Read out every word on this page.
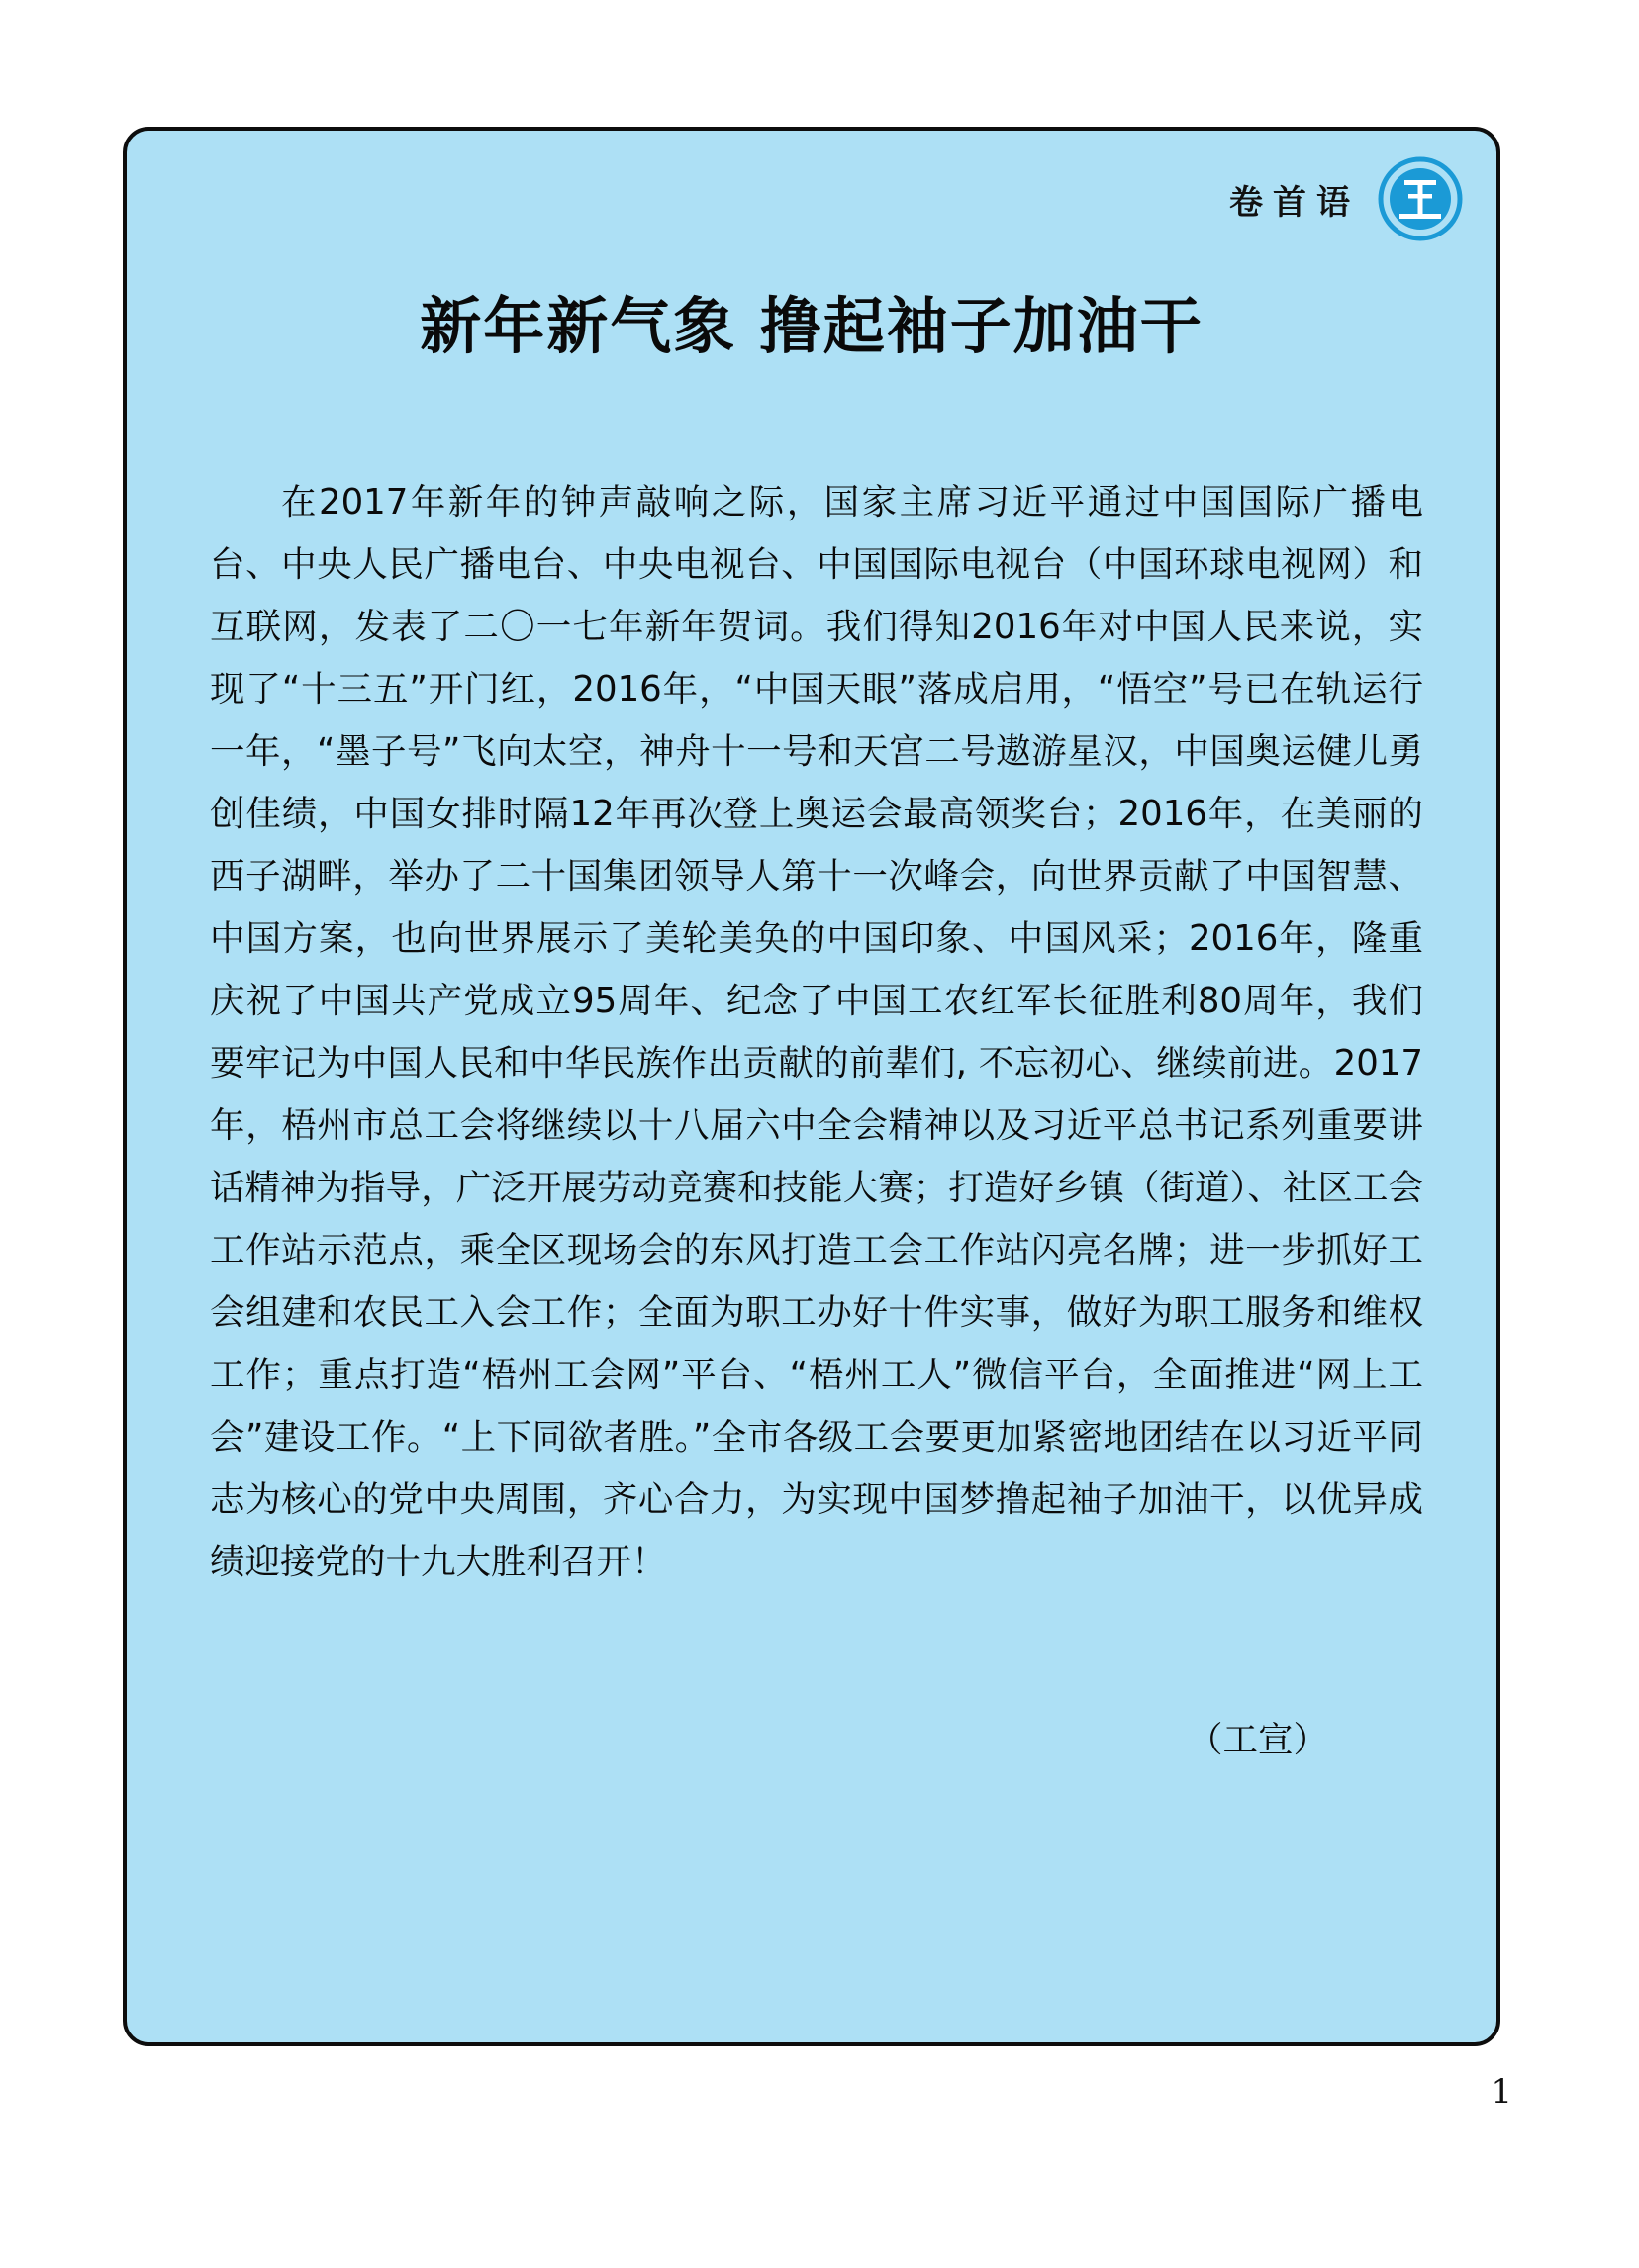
卷首语
新年新气象 撸起袖子加油干
在2017年新年的钟声敲响之际，国家主席习近平通过中国国际广播电台、中央人民广播电台、中央电视台、中国国际电视台（中国环球电视网）和互联网，发表了二〇一七年新年贺词。我们得知2016年对中国人民来说，实现了“十三五”开门红，2016年，“中国天眼”落成启用，“悟空”号已在轨运行一年，“墨子号”飞向太空，神舟十一号和天宫二号遨游星汉，中国奥运健儿勇创佳绩，中国女排时隔12年再次登上奥运会最高领奖台；2016年，在美丽的西子湖畔，举办了二十国集团领导人第十一次峰会，向世界贡献了中国智慧、中国方案，也向世界展示了美轮美奂的中国印象、中国风采；2016年，隆重庆祝了中国共产党成立95周年、纪念了中国工农红军长征胜利80周年，我们要牢记为中国人民和中华民族作出贡献的前辈们, 不忘初心、继续前进。2017年，梧州市总工会将继续以十八届六中全会精神以及习近平总书记系列重要讲话精神为指导，广泛开展劳动竞赛和技能大赛；打造好乡镇（街道）、社区工会工作站示范点，乘全区现场会的东风打造工会工作站闪亮名牌；进一步抓好工会组建和农民工入会工作；全面为职工办好十件实事，做好为职工服务和维权工作；重点打造“梧州工会网”平台、“梧州工人”微信平台，全面推进“网上工会”建设工作。“上下同欲者胜。”全市各级工会要更加紧密地团结在以习近平同志为核心的党中央周围，齐心合力，为实现中国梦撸起袖子加油干，以优异成绩迎接党的十九大胜利召开！
（工宣）
1
